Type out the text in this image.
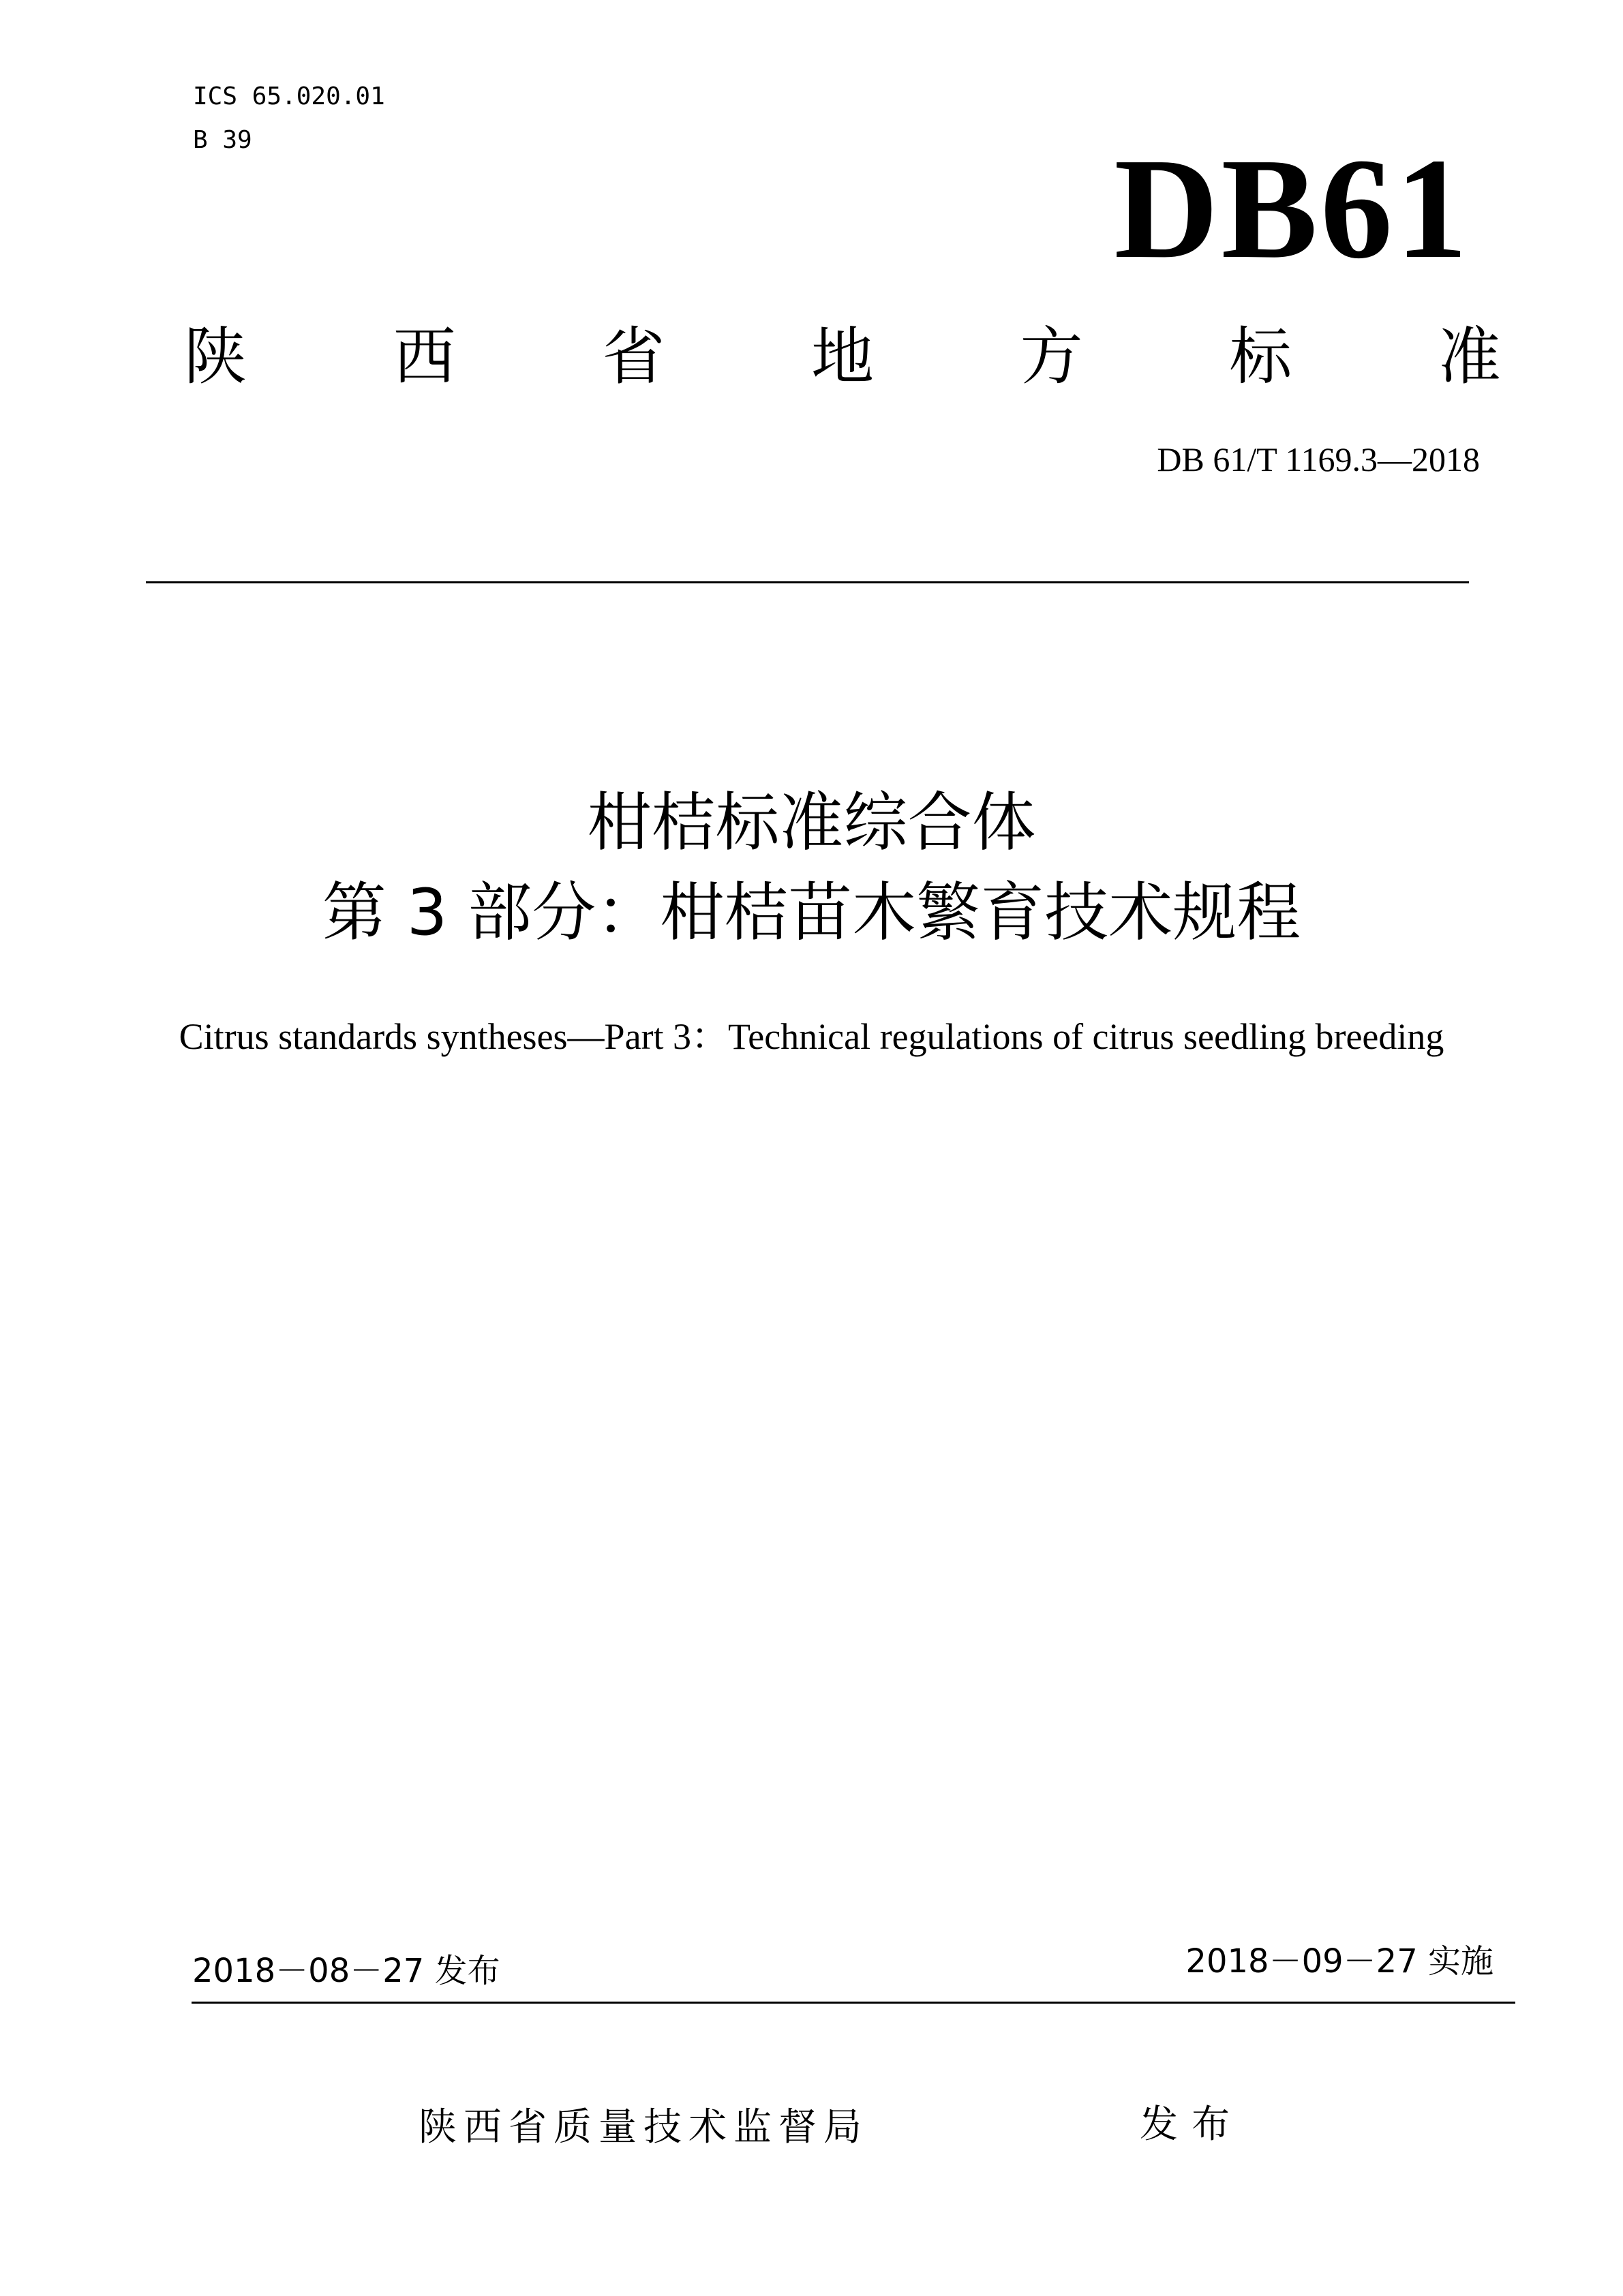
ICS 65.020.01
B 39	DB61
陕 西 省 地 方 标 准
DB 61/T 1169.3—2018
柑桔标准综合体
第 3 部分：柑桔苗木繁育技术规程
Citrus standards syntheses—Part 3：Technical regulations of citrus seedling breeding
2018－08－27 发布	2018－09－27 实施
陕西省质量技术监督局	发布
